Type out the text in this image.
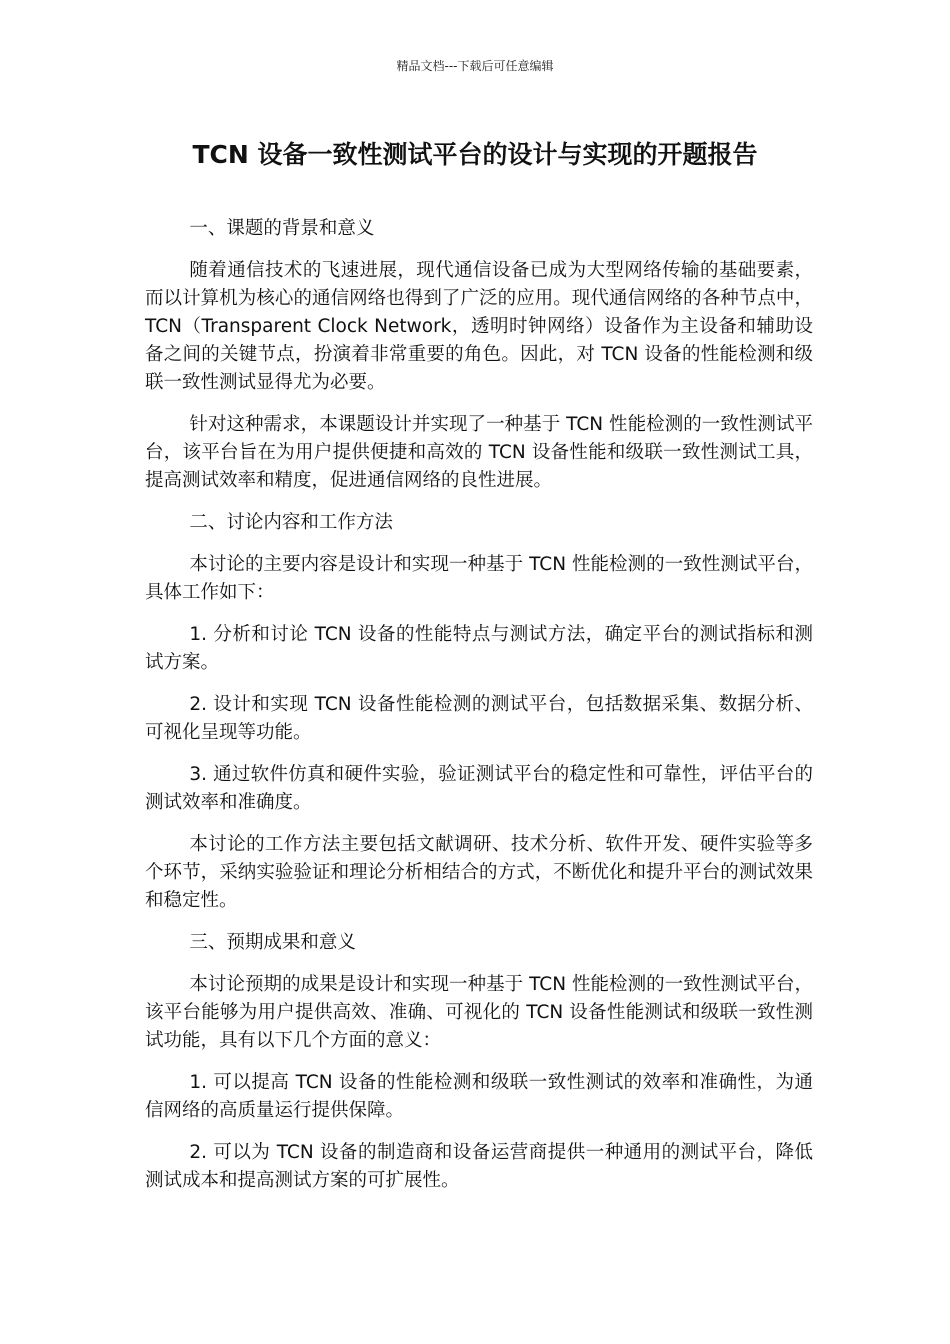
精品文档---下载后可任意编辑
TCN 设备一致性测试平台的设计与实现的开题报告
一、课题的背景和意义
随着通信技术的飞速进展，现代通信设备已成为大型网络传输的基础要素，而以计算机为核心的通信网络也得到了广泛的应用。现代通信网络的各种节点中，TCN（Transparent Clock Network，透明时钟网络）设备作为主设备和辅助设备之间的关键节点，扮演着非常重要的角色。因此，对 TCN 设备的性能检测和级联一致性测试显得尤为必要。
针对这种需求，本课题设计并实现了一种基于 TCN 性能检测的一致性测试平台，该平台旨在为用户提供便捷和高效的 TCN 设备性能和级联一致性测试工具，提高测试效率和精度，促进通信网络的良性进展。
二、讨论内容和工作方法
本讨论的主要内容是设计和实现一种基于 TCN 性能检测的一致性测试平台，具体工作如下：
1. 分析和讨论 TCN 设备的性能特点与测试方法，确定平台的测试指标和测试方案。
2. 设计和实现 TCN 设备性能检测的测试平台，包括数据采集、数据分析、可视化呈现等功能。
3. 通过软件仿真和硬件实验，验证测试平台的稳定性和可靠性，评估平台的测试效率和准确度。
本讨论的工作方法主要包括文献调研、技术分析、软件开发、硬件实验等多个环节，采纳实验验证和理论分析相结合的方式，不断优化和提升平台的测试效果和稳定性。
三、预期成果和意义
本讨论预期的成果是设计和实现一种基于 TCN 性能检测的一致性测试平台，该平台能够为用户提供高效、准确、可视化的 TCN 设备性能测试和级联一致性测试功能，具有以下几个方面的意义：
1. 可以提高 TCN 设备的性能检测和级联一致性测试的效率和准确性，为通信网络的高质量运行提供保障。
2. 可以为 TCN 设备的制造商和设备运营商提供一种通用的测试平台，降低测试成本和提高测试方案的可扩展性。
